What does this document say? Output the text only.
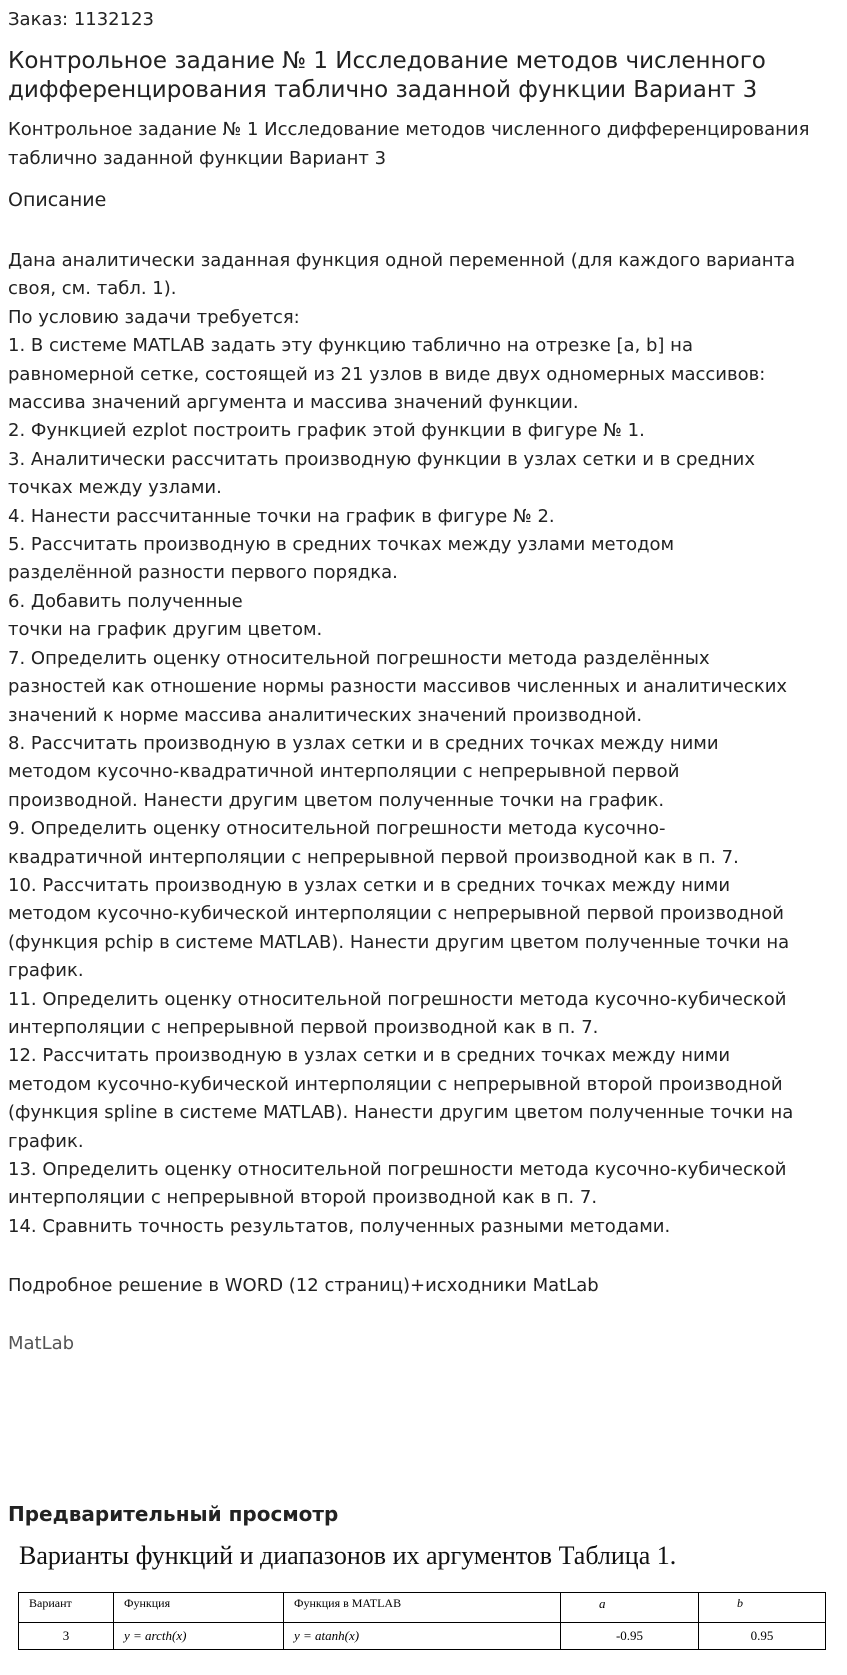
Заказ: 1132123
Контрольное задание № 1 Исследование методов численного дифференцирования таблично заданной функции Вариант 3
Контрольное задание № 1 Исследование методов численного дифференцирования таблично заданной функции Вариант 3
Описание
Дана аналитически заданная функция одной переменной (для каждого варианта
своя, см. табл. 1).
По условию задачи требуется:
1. В системе MATLAB задать эту функцию таблично на отрезке [a, b] на
равномерной сетке, состоящей из 21 узлов в виде двух одномерных массивов:
массива значений аргумента и массива значений функции.
2. Функцией ezplot построить график этой функции в фигуре № 1.
3. Аналитически рассчитать производную функции в узлах сетки и в средних
точках между узлами.
4. Нанести рассчитанные точки на график в фигуре № 2.
5. Рассчитать производную в средних точках между узлами методом
разделённой разности первого порядка.
6. Добавить полученные
точки на график другим цветом.
7. Определить оценку относительной погрешности метода разделённых
разностей как отношение нормы разности массивов численных и аналитических
значений к норме массива аналитических значений производной.
8. Рассчитать производную в узлах сетки и в средних точках между ними
методом кусочно-квадратичной интерполяции с непрерывной первой
производной. Нанести другим цветом полученные точки на график.
9. Определить оценку относительной погрешности метода кусочно-
квадратичной интерполяции с непрерывной первой производной как в п. 7.
10. Рассчитать производную в узлах сетки и в средних точках между ними
методом кусочно-кубической интерполяции с непрерывной первой производной
(функция pchip в системе MATLAB). Нанести другим цветом полученные точки на
график.
11. Определить оценку относительной погрешности метода кусочно-кубической
интерполяции с непрерывной первой производной как в п. 7.
12. Рассчитать производную в узлах сетки и в средних точках между ними
методом кусочно-кубической интерполяции с непрерывной второй производной
(функция spline в системе MATLAB). Нанести другим цветом полученные точки на
график.
13. Определить оценку относительной погрешности метода кусочно-кубической
интерполяции с непрерывной второй производной как в п. 7.
14. Сравнить точность результатов, полученных разными методами.
Подробное решение в WORD (12 страниц)+исходники MatLab
MatLab
Предварительный просмотр
Варианты функций и диапазонов их аргументов Таблица 1.
Вариант	Функция	Функция в MATLAB	a	b
3	y = arcth(x)	y = atanh(x)	-0.95	0.95
